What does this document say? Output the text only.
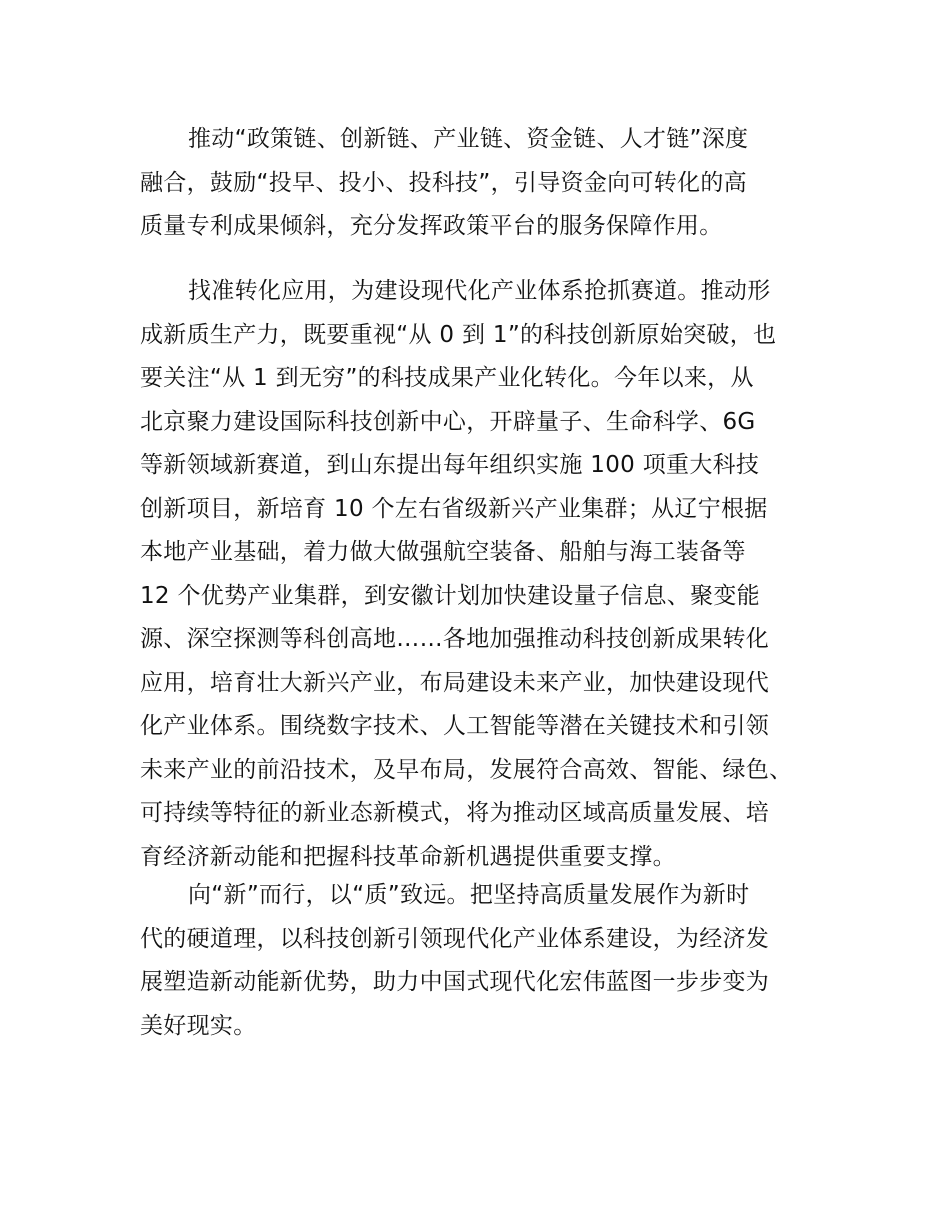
推动“政策链、创新链、产业链、资金链、人才链”深度
融合，鼓励“投早、投小、投科技”，引导资金向可转化的高
质量专利成果倾斜，充分发挥政策平台的服务保障作用。
找准转化应用，为建设现代化产业体系抢抓赛道。推动形
成新质生产力，既要重视“从 0 到 1”的科技创新原始突破，也
要关注“从 1 到无穷”的科技成果产业化转化。今年以来，从
北京聚力建设国际科技创新中心，开辟量子、生命科学、6G
等新领域新赛道，到山东提出每年组织实施 100 项重大科技
创新项目，新培育 10 个左右省级新兴产业集群；从辽宁根据
本地产业基础，着力做大做强航空装备、船舶与海工装备等
12 个优势产业集群，到安徽计划加快建设量子信息、聚变能
源、深空探测等科创高地……各地加强推动科技创新成果转化
应用，培育壮大新兴产业，布局建设未来产业，加快建设现代
化产业体系。围绕数字技术、人工智能等潜在关键技术和引领
未来产业的前沿技术，及早布局，发展符合高效、智能、绿色、
可持续等特征的新业态新模式，将为推动区域高质量发展、培
育经济新动能和把握科技革命新机遇提供重要支撑。
向“新”而行，以“质”致远。把坚持高质量发展作为新时
代的硬道理，以科技创新引领现代化产业体系建设，为经济发
展塑造新动能新优势，助力中国式现代化宏伟蓝图一步步变为
美好现实。
